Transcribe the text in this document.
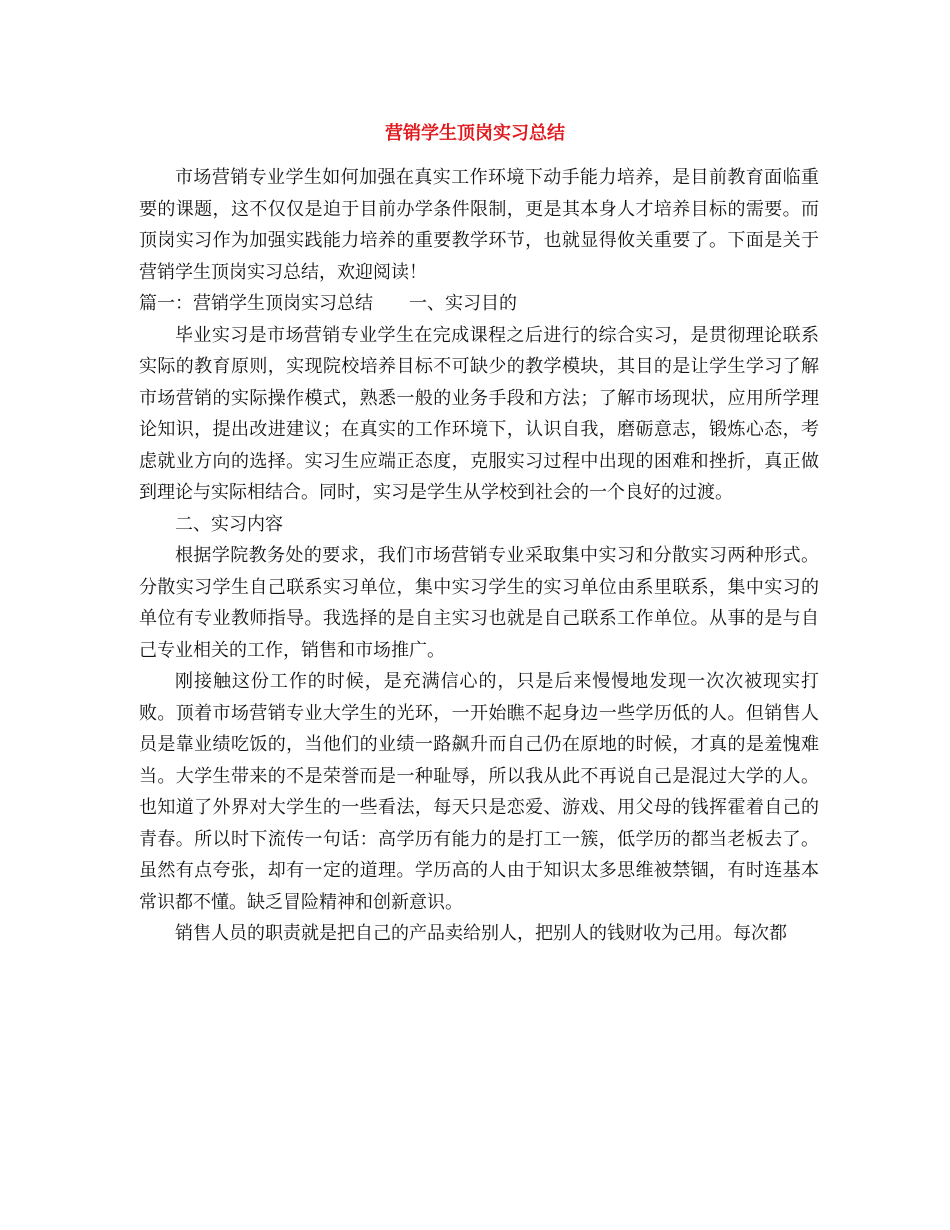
营销学生顶岗实习总结

市场营销专业学生如何加强在真实工作环境下动手能力培养，是目前教育面临重要的课题，这不仅仅是迫于目前办学条件限制，更是其本身人才培养目标的需要。而顶岗实习作为加强实践能力培养的重要教学环节，也就显得攸关重要了。下面是关于营销学生顶岗实习总结，欢迎阅读！

篇一：营销学生顶岗实习总结 一、实习目的

毕业实习是市场营销专业学生在完成课程之后进行的综合实习，是贯彻理论联系实际的教育原则，实现院校培养目标不可缺少的教学模块，其目的是让学生学习了解市场营销的实际操作模式，熟悉一般的业务手段和方法；了解市场现状，应用所学理论知识，提出改进建议；在真实的工作环境下，认识自我，磨砺意志，锻炼心态，考虑就业方向的选择。实习生应端正态度，克服实习过程中出现的困难和挫折，真正做到理论与实际相结合。同时，实习是学生从学校到社会的一个良好的过渡。

二、实习内容

根据学院教务处的要求，我们市场营销专业采取集中实习和分散实习两种形式。分散实习学生自己联系实习单位，集中实习学生的实习单位由系里联系，集中实习的单位有专业教师指导。我选择的是自主实习也就是自己联系工作单位。从事的是与自己专业相关的工作，销售和市场推广。

刚接触这份工作的时候，是充满信心的，只是后来慢慢地发现一次次被现实打败。顶着市场营销专业大学生的光环，一开始瞧不起身边一些学历低的人。但销售人员是靠业绩吃饭的，当他们的业绩一路飙升而自己仍在原地的时候，才真的是羞愧难当。大学生带来的不是荣誉而是一种耻辱，所以我从此不再说自己是混过大学的人。也知道了外界对大学生的一些看法，每天只是恋爱、游戏、用父母的钱挥霍着自己的青春。所以时下流传一句话：高学历有能力的是打工一簇，低学历的都当老板去了。虽然有点夸张，却有一定的道理。学历高的人由于知识太多思维被禁锢，有时连基本常识都不懂。缺乏冒险精神和创新意识。

销售人员的职责就是把自己的产品卖给别人，把别人的钱财收为己用。每次都
